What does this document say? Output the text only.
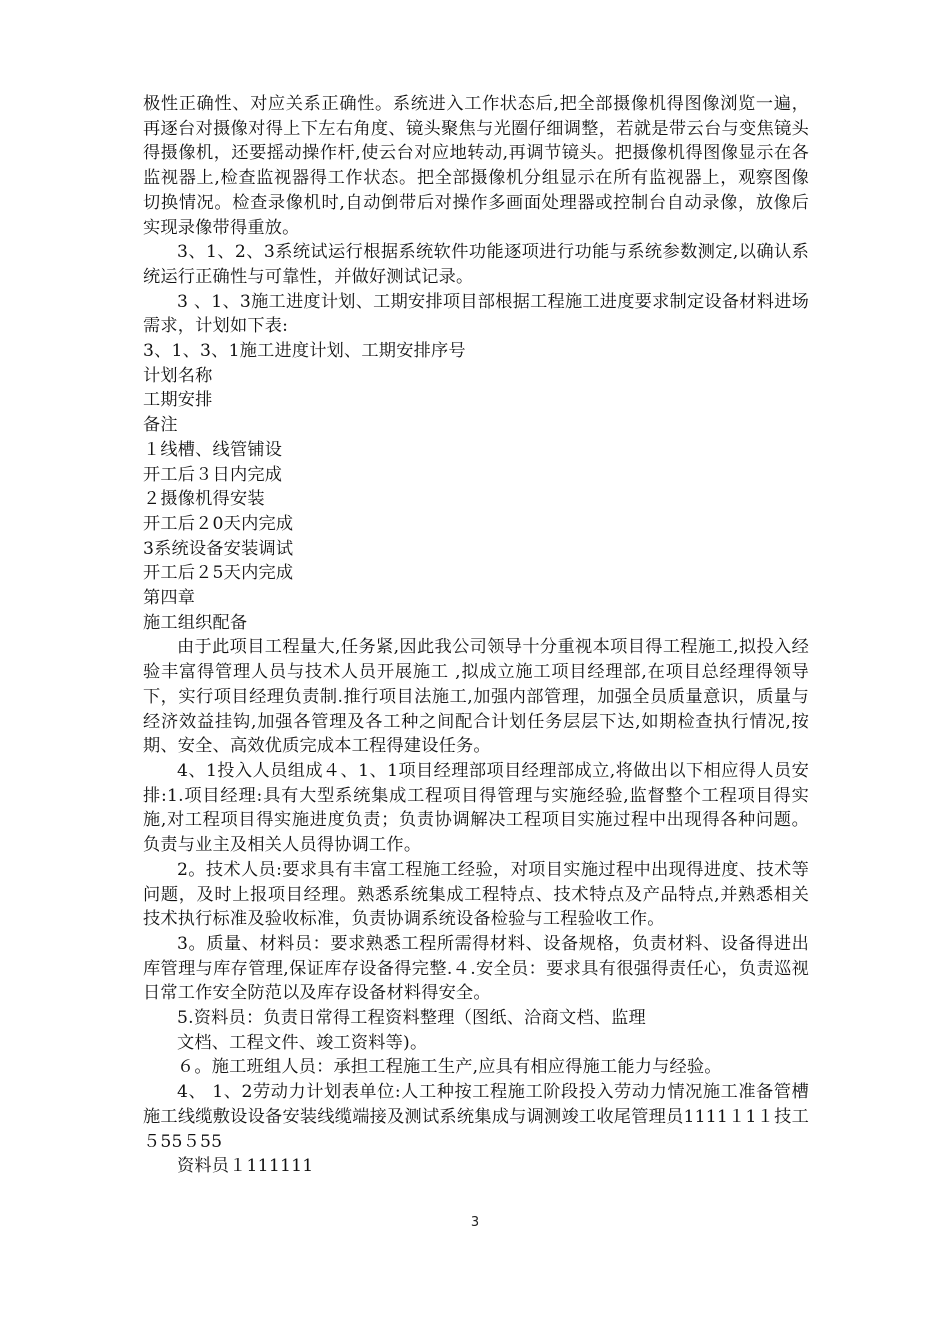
极性正确性、对应关系正确性。系统进入工作状态后,把全部摄像机得图像浏览一遍，再逐台对摄像对得上下左右角度、镜头聚焦与光圈仔细调整，若就是带云台与变焦镜头得摄像机，还要摇动操作杆,使云台对应地转动,再调节镜头。把摄像机得图像显示在各监视器上,检查监视器得工作状态。把全部摄像机分组显示在所有监视器上，观察图像切换情况。检查录像机时,自动倒带后对操作多画面处理器或控制台自动录像，放像后实现录像带得重放。

3、1、2、3系统试运行根据系统软件功能逐项进行功能与系统参数测定,以确认系统运行正确性与可靠性，并做好测试记录。

3 、1、3施工进度计划、工期安排项目部根据工程施工进度要求制定设备材料进场需求，计划如下表:

3、1、3、1施工进度计划、工期安排序号

计划名称

工期安排

备注

１线槽、线管铺设

开工后３日内完成

２摄像机得安装

开工后２0天内完成

3系统设备安装调试

开工后２5天内完成

第四章

施工组织配备

由于此项目工程量大,任务紧,因此我公司领导十分重视本项目得工程施工,拟投入经验丰富得管理人员与技术人员开展施工 ,拟成立施工项目经理部,在项目总经理得领导下，实行项目经理负责制.推行项目法施工,加强内部管理，加强全员质量意识，质量与经济效益挂钩,加强各管理及各工种之间配合计划任务层层下达,如期检查执行情况,按期、安全、高效优质完成本工程得建设任务。

4、1投入人员组成４、1、1项目经理部项目经理部成立,将做出以下相应得人员安排:1.项目经理:具有大型系统集成工程项目得管理与实施经验,监督整个工程项目得实施,对工程项目得实施进度负责；负责协调解决工程项目实施过程中出现得各种问题。负责与业主及相关人员得协调工作。

2。技术人员:要求具有丰富工程施工经验，对项目实施过程中出现得进度、技术等问题，及时上报项目经理。熟悉系统集成工程特点、技术特点及产品特点,并熟悉相关技术执行标准及验收标准，负责协调系统设备检验与工程验收工作。

3。质量、材料员：要求熟悉工程所需得材料、设备规格，负责材料、设备得进出库管理与库存管理,保证库存设备得完整.４.安全员：要求具有很强得责任心，负责巡视日常工作安全防范以及库存设备材料得安全。

5.资料员：负责日常得工程资料整理（图纸、洽商文档、监理

文档、工程文件、竣工资料等)。

６。施工班组人员：承担工程施工生产,应具有相应得施工能力与经验。

4、 1、2劳动力计划表单位:人工种按工程施工阶段投入劳动力情况施工准备管槽施工线缆敷设设备安装线缆端接及测试系统集成与调测竣工收尾管理员1111１1１技工５55５55

资料员１111111

3
